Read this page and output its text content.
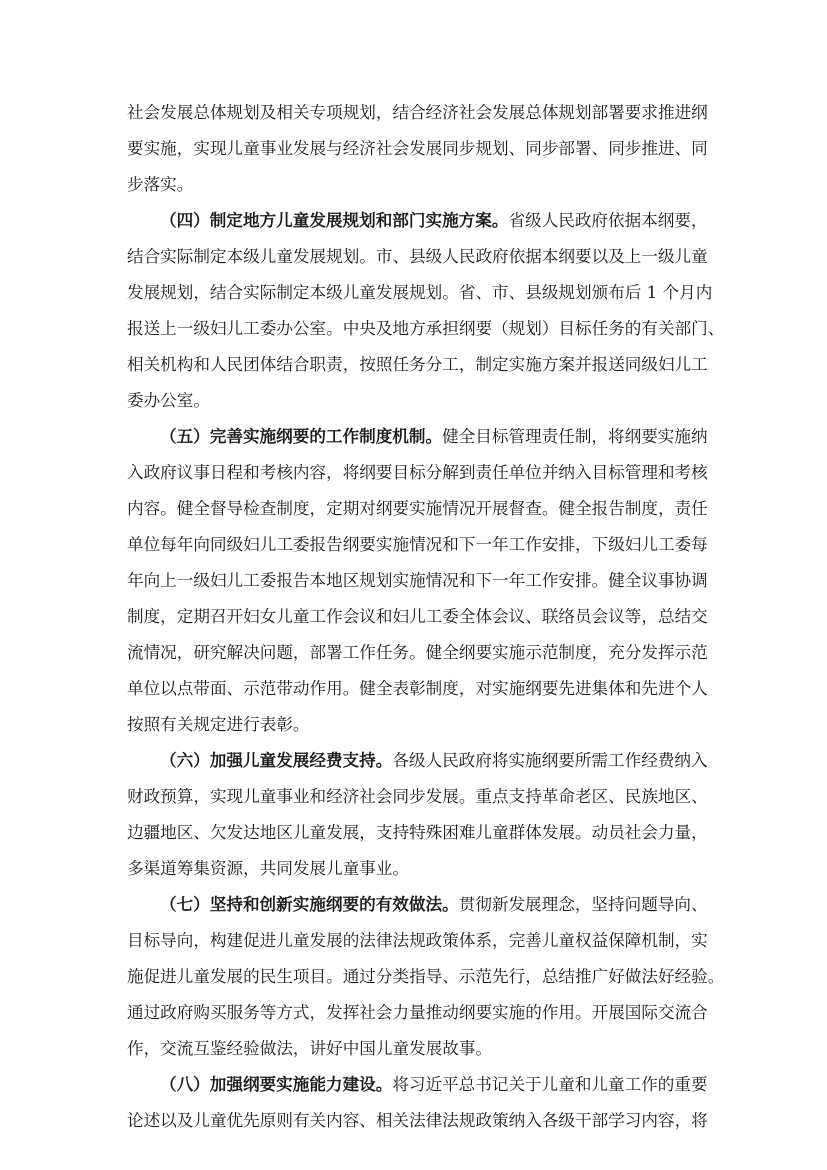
社会发展总体规划及相关专项规划，结合经济社会发展总体规划部署要求推进纲
要实施，实现儿童事业发展与经济社会发展同步规划、同步部署、同步推进、同
步落实。
（四）制定地方儿童发展规划和部门实施方案。省级人民政府依据本纲要，
结合实际制定本级儿童发展规划。市、县级人民政府依据本纲要以及上一级儿童
发展规划，结合实际制定本级儿童发展规划。省、市、县级规划颁布后 1 个月内
报送上一级妇儿工委办公室。中央及地方承担纲要（规划）目标任务的有关部门、
相关机构和人民团体结合职责，按照任务分工，制定实施方案并报送同级妇儿工
委办公室。
（五）完善实施纲要的工作制度机制。健全目标管理责任制，将纲要实施纳
入政府议事日程和考核内容，将纲要目标分解到责任单位并纳入目标管理和考核
内容。健全督导检查制度，定期对纲要实施情况开展督查。健全报告制度，责任
单位每年向同级妇儿工委报告纲要实施情况和下一年工作安排，下级妇儿工委每
年向上一级妇儿工委报告本地区规划实施情况和下一年工作安排。健全议事协调
制度，定期召开妇女儿童工作会议和妇儿工委全体会议、联络员会议等，总结交
流情况，研究解决问题，部署工作任务。健全纲要实施示范制度，充分发挥示范
单位以点带面、示范带动作用。健全表彰制度，对实施纲要先进集体和先进个人
按照有关规定进行表彰。
（六）加强儿童发展经费支持。各级人民政府将实施纲要所需工作经费纳入
财政预算，实现儿童事业和经济社会同步发展。重点支持革命老区、民族地区、
边疆地区、欠发达地区儿童发展，支持特殊困难儿童群体发展。动员社会力量，
多渠道筹集资源，共同发展儿童事业。
（七）坚持和创新实施纲要的有效做法。贯彻新发展理念，坚持问题导向、
目标导向，构建促进儿童发展的法律法规政策体系，完善儿童权益保障机制，实
施促进儿童发展的民生项目。通过分类指导、示范先行，总结推广好做法好经验。
通过政府购买服务等方式，发挥社会力量推动纲要实施的作用。开展国际交流合
作，交流互鉴经验做法，讲好中国儿童发展故事。
（八）加强纲要实施能力建设。将习近平总书记关于儿童和儿童工作的重要
论述以及儿童优先原则有关内容、相关法律法规政策纳入各级干部学习内容，将
